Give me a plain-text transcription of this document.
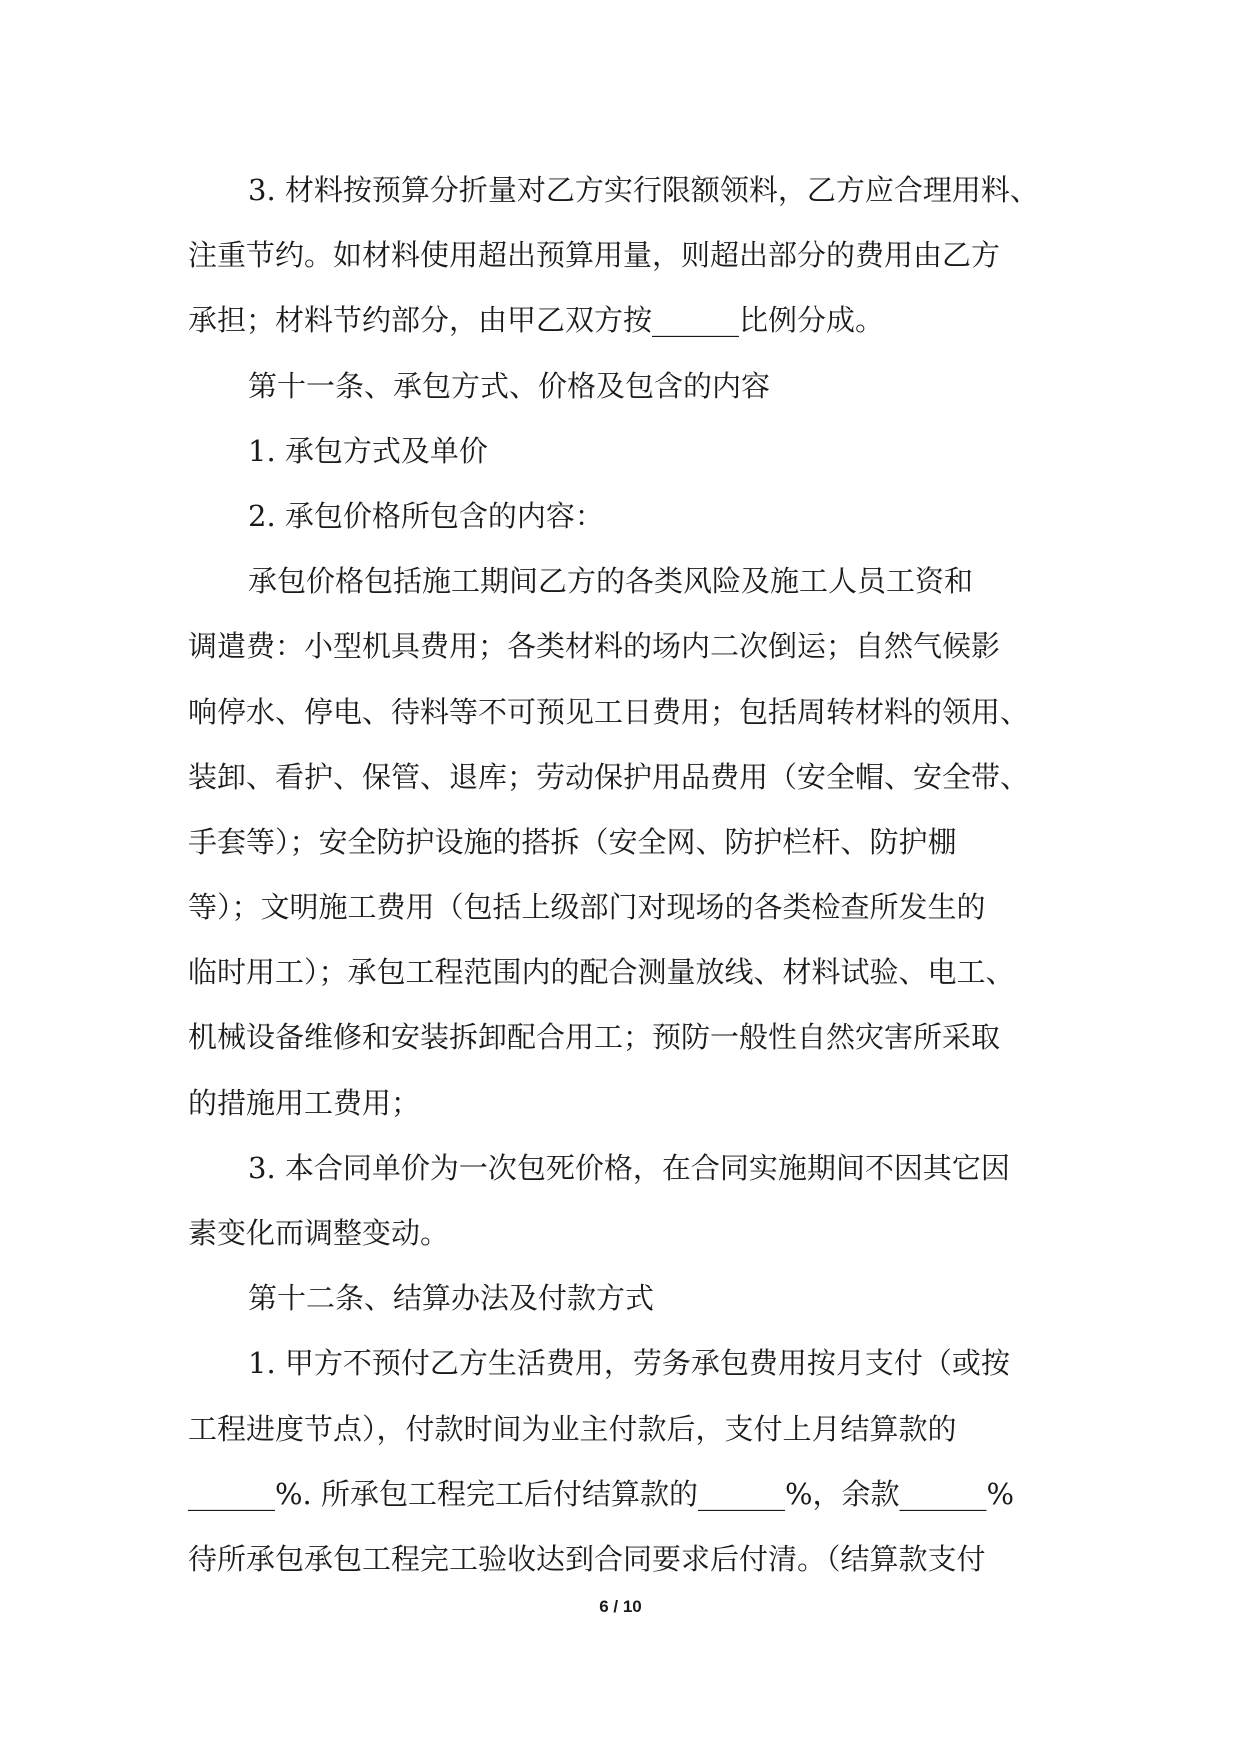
3. 材料按预算分折量对乙方实行限额领料，乙方应合理用料、
注重节约。如材料使用超出预算用量，则超出部分的费用由乙方
承担；材料节约部分，由甲乙双方按______比例分成。
第十一条、承包方式、价格及包含的内容
1. 承包方式及单价
2. 承包价格所包含的内容：
承包价格包括施工期间乙方的各类风险及施工人员工资和
调遣费：小型机具费用；各类材料的场内二次倒运；自然气候影
响停水、停电、待料等不可预见工日费用；包括周转材料的领用、
装卸、看护、保管、退库；劳动保护用品费用（安全帽、安全带、
手套等）；安全防护设施的搭拆（安全网、防护栏杆、防护棚
等）；文明施工费用（包括上级部门对现场的各类检查所发生的
临时用工）；承包工程范围内的配合测量放线、材料试验、电工、
机械设备维修和安装拆卸配合用工；预防一般性自然灾害所采取
的措施用工费用；
3. 本合同单价为一次包死价格，在合同实施期间不因其它因
素变化而调整变动。
第十二条、结算办法及付款方式
1. 甲方不预付乙方生活费用，劳务承包费用按月支付（或按
工程进度节点），付款时间为业主付款后，支付上月结算款的
______%. 所承包工程完工后付结算款的______%，余款______%
待所承包承包工程完工验收达到合同要求后付清。（结算款支付
6 / 10
